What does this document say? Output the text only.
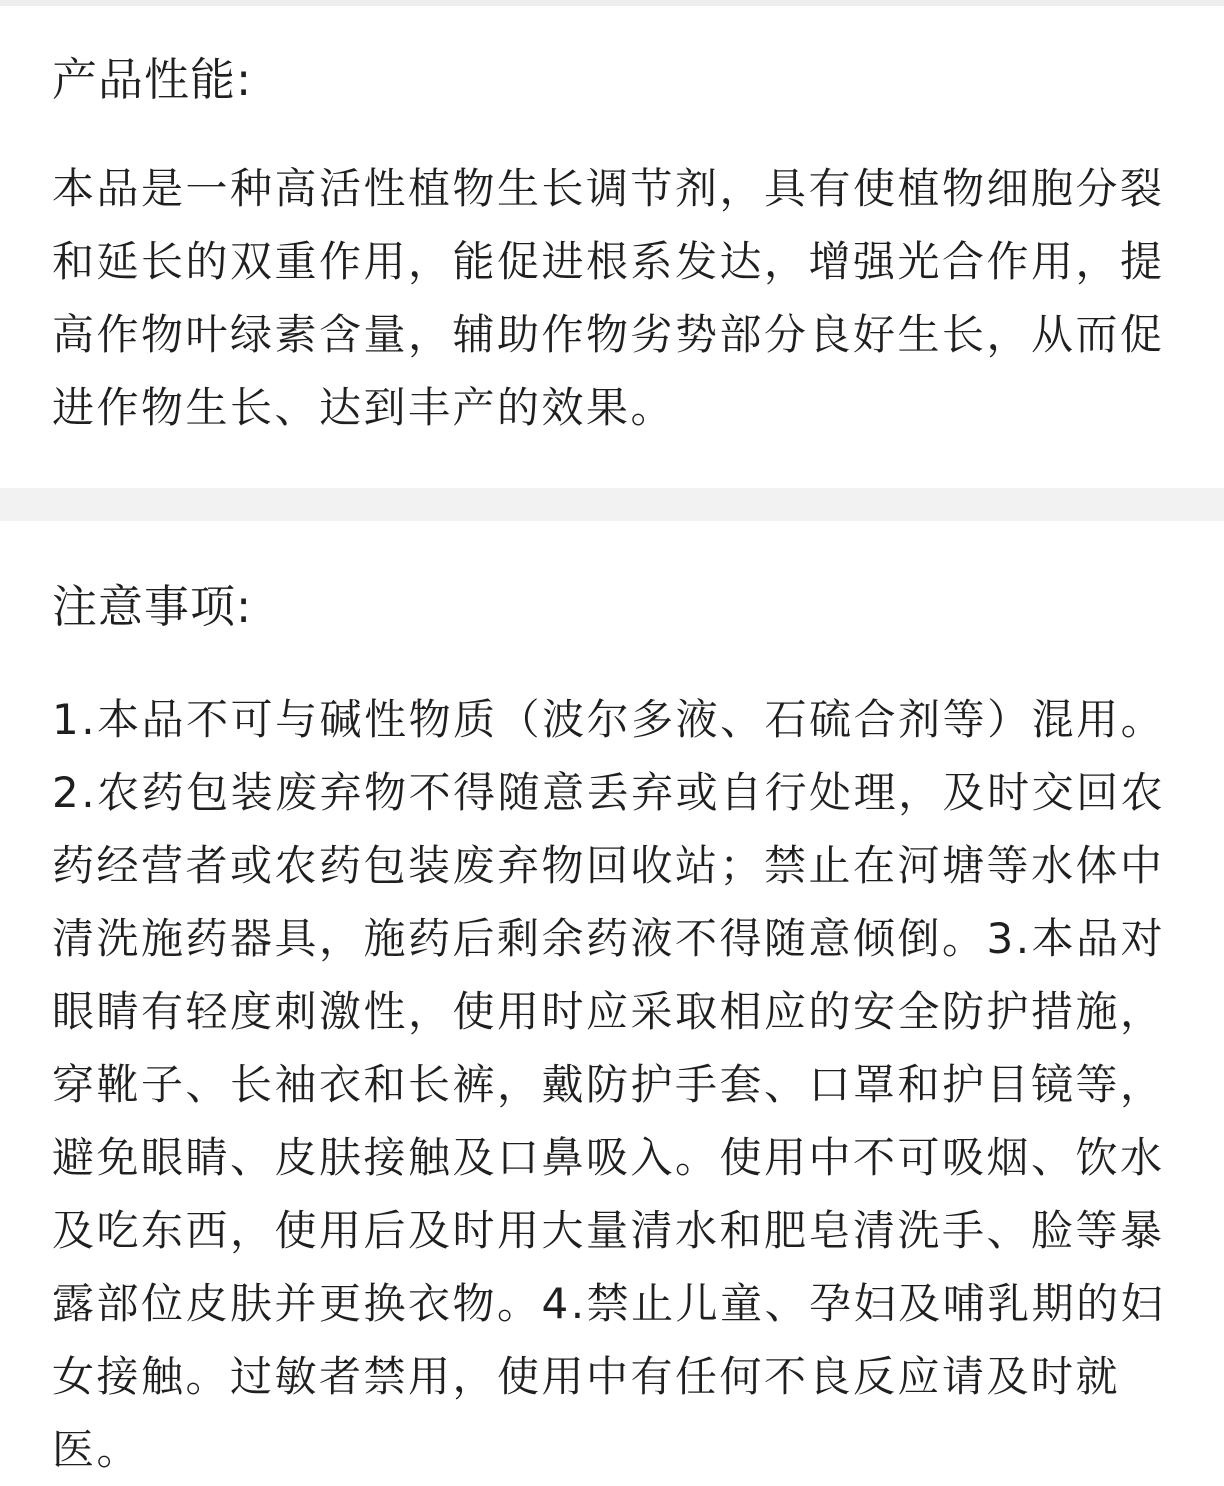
产品性能:

本品是一种高活性植物生长调节剂，具有使植物细胞分裂和延长的双重作用，能促进根系发达，增强光合作用，提高作物叶绿素含量，辅助作物劣势部分良好生长，从而促进作物生长、达到丰产的效果。

注意事项:

1.本品不可与碱性物质（波尔多液、石硫合剂等）混用。2.农药包装废弃物不得随意丢弃或自行处理，及时交回农药经营者或农药包装废弃物回收站；禁止在河塘等水体中清洗施药器具，施药后剩余药液不得随意倾倒。3.本品对眼睛有轻度刺激性，使用时应采取相应的安全防护措施，穿靴子、长袖衣和长裤，戴防护手套、口罩和护目镜等，避免眼睛、皮肤接触及口鼻吸入。使用中不可吸烟、饮水及吃东西，使用后及时用大量清水和肥皂清洗手、脸等暴露部位皮肤并更换衣物。4.禁止儿童、孕妇及哺乳期的妇女接触。过敏者禁用，使用中有任何不良反应请及时就医。
